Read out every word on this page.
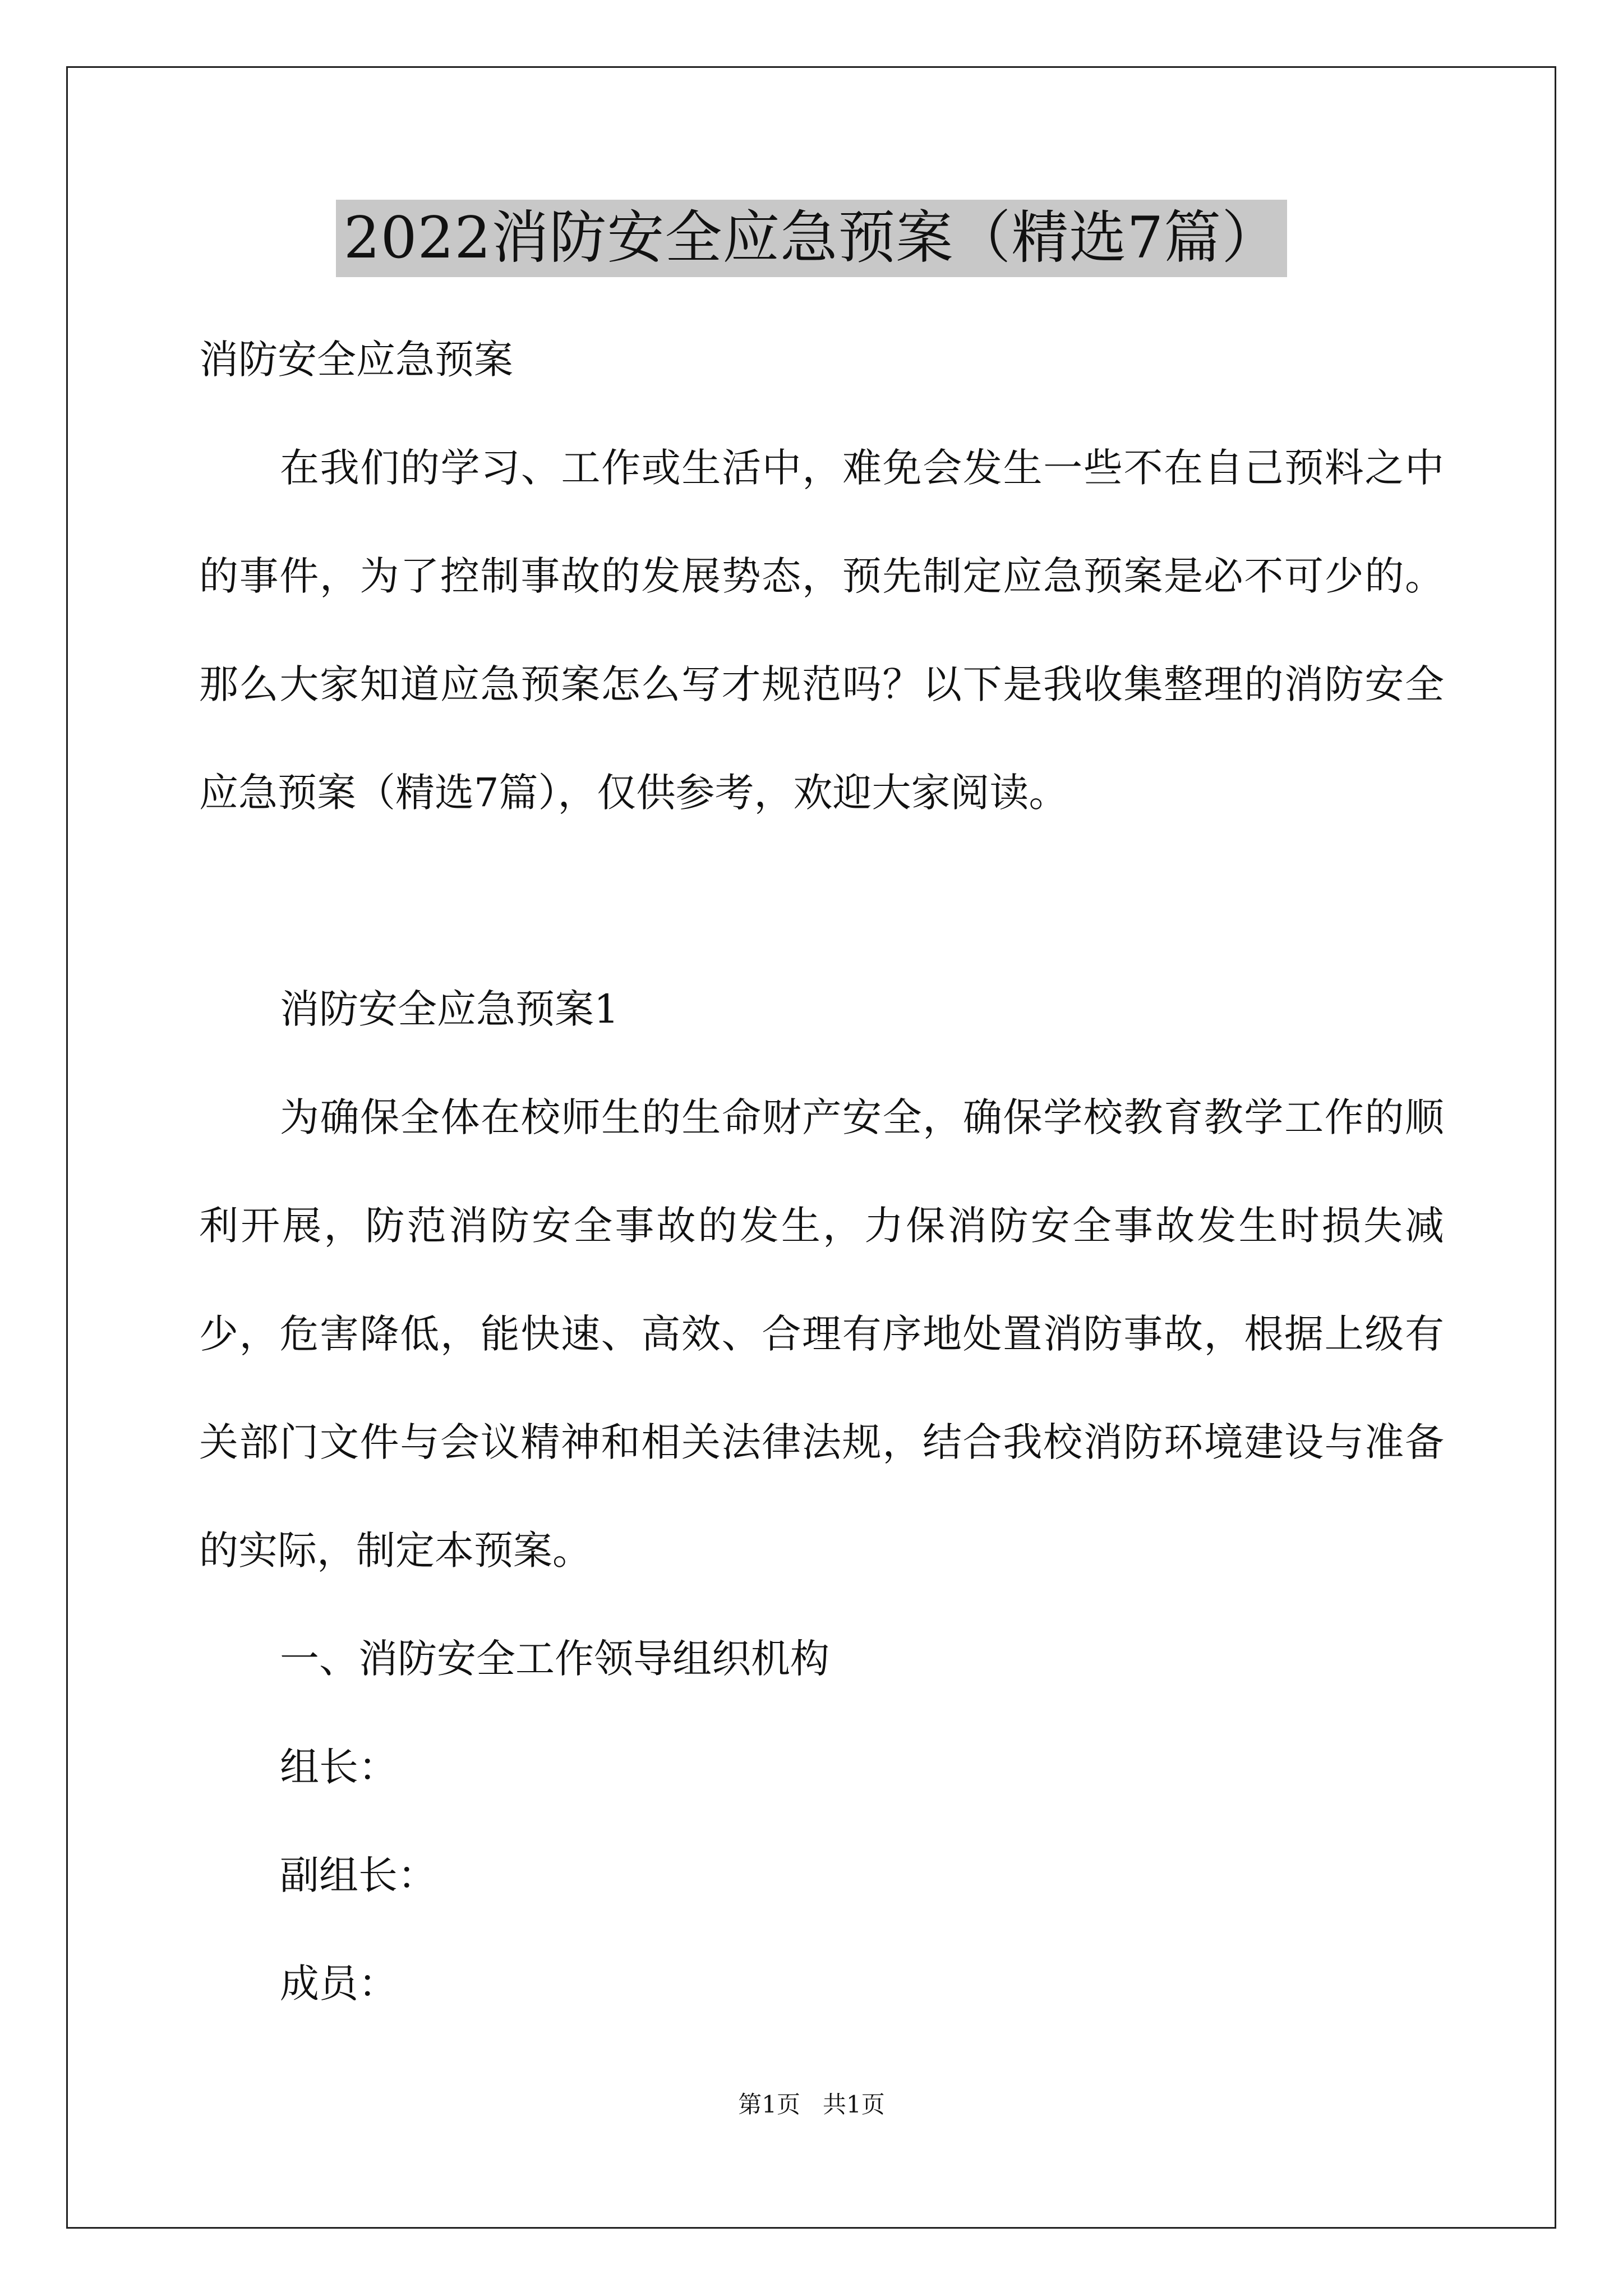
2022消防安全应急预案（精选7篇）

消防安全应急预案

在我们的学习、工作或生活中，难免会发生一些不在自己预料之中的事件，为了控制事故的发展势态，预先制定应急预案是必不可少的。那么大家知道应急预案怎么写才规范吗？以下是我收集整理的消防安全应急预案（精选7篇），仅供参考，欢迎大家阅读。

消防安全应急预案1

为确保全体在校师生的生命财产安全，确保学校教育教学工作的顺利开展，防范消防安全事故的发生，力保消防安全事故发生时损失减少，危害降低，能快速、高效、合理有序地处置消防事故，根据上级有关部门文件与会议精神和相关法律法规，结合我校消防环境建设与准备的实际，制定本预案。

一、消防安全工作领导组织机构

组长：

副组长：

成员：

第1页   共1页
